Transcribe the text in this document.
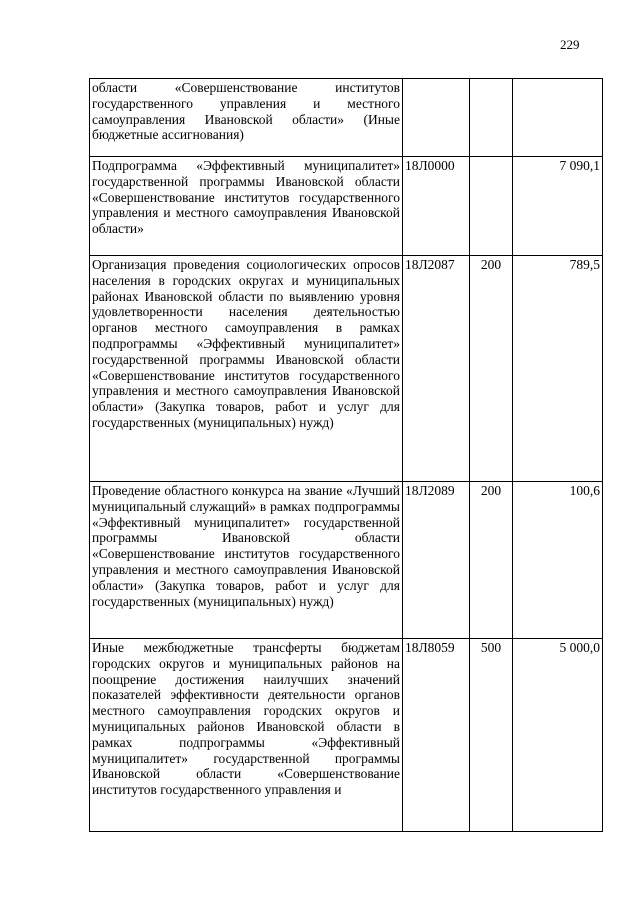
229
области «Совершенствование институтов государственного управления и местного самоуправления Ивановской области» (Иные бюджетные ассигнования)			
Подпрограмма «Эффективный муниципалитет» государственной программы Ивановской области «Совершенствование институтов государственного управления и местного самоуправления Ивановской области»	18Л0000		7 090,1
Организация проведения социологических опросов населения в городских округах и муниципальных районах Ивановской области по выявлению уровня удовлетворенности населения деятельностью органов местного самоуправления в рамках подпрограммы «Эффективный муниципалитет» государственной программы Ивановской области «Совершенствование институтов государственного управления и местного самоуправления Ивановской области» (Закупка товаров, работ и услуг для государственных (муниципальных) нужд)	18Л2087	200	789,5
Проведение областного конкурса на звание «Лучший муниципальный служащий» в рамках подпрограммы «Эффективный муниципалитет» государственной программы Ивановской области «Совершенствование институтов государственного управления и местного самоуправления Ивановской области» (Закупка товаров, работ и услуг для государственных (муниципальных) нужд)	18Л2089	200	100,6
Иные межбюджетные трансферты бюджетам городских округов и муниципальных районов на поощрение достижения наилучших значений показателей эффективности деятельности органов местного самоуправления городских округов и муниципальных районов Ивановской области в рамках подпрограммы «Эффективный муниципалитет» государственной программы Ивановской области «Совершенствование институтов государственного управления и	18Л8059	500	5 000,0
